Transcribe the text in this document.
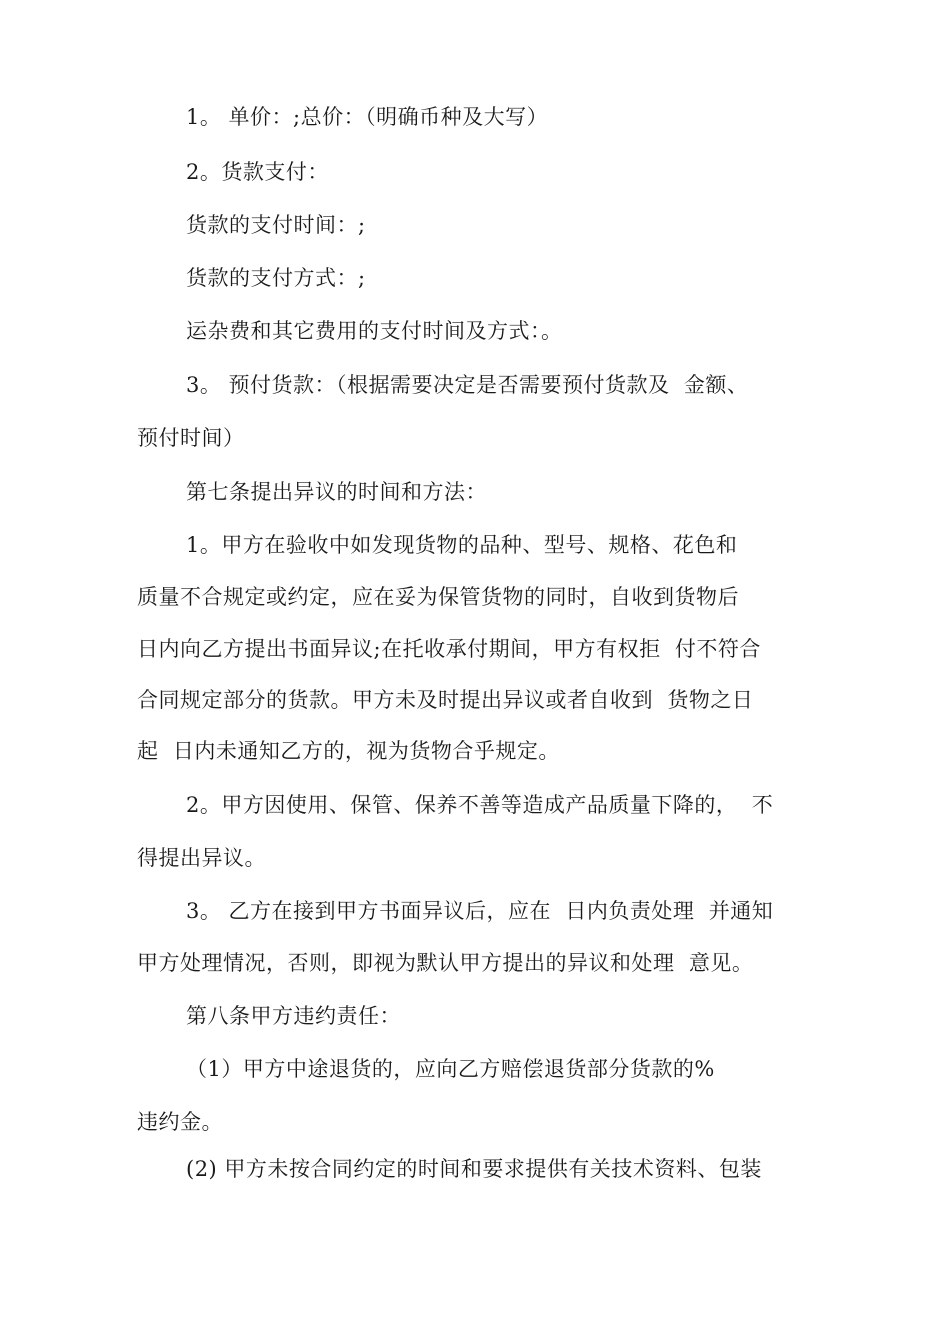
1。 单价：;总价：（明确币种及大写）
2。货款支付：
货款的支付时间：;
货款的支付方式：;
运杂费和其它费用的支付时间及方式：。
3。 预付货款：（根据需要决定是否需要预付货款及  金额、
预付时间）
第七条提出异议的时间和方法：
1。甲方在验收中如发现货物的品种、型号、规格、花色和
质量不合规定或约定，应在妥为保管货物的同时，自收到货物后
日内向乙方提出书面异议;在托收承付期间，甲方有权拒  付不符合
合同规定部分的货款。甲方未及时提出异议或者自收到  货物之日
起  日内未通知乙方的，视为货物合乎规定。
2。甲方因使用、保管、保养不善等造成产品质量下降的，  不
得提出异议。
3。 乙方在接到甲方书面异议后，应在  日内负责处理  并通知
甲方处理情况，否则，即视为默认甲方提出的异议和处理  意见。
第八条甲方违约责任：
（1）甲方中途退货的，应向乙方赔偿退货部分货款的%
违约金。
(2) 甲方未按合同约定的时间和要求提供有关技术资料、包装
